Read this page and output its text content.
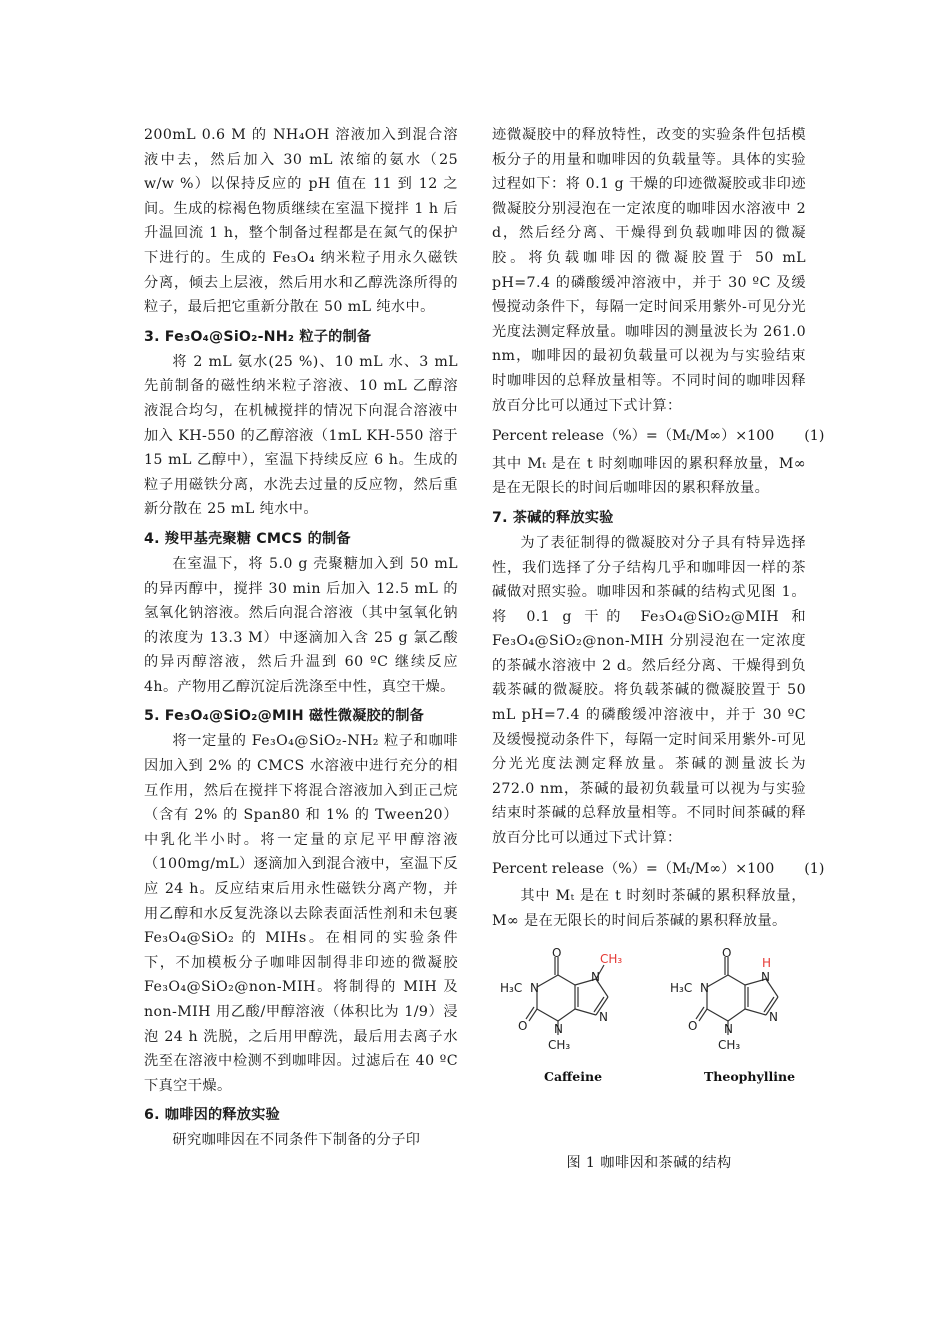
200mL 0.6 M 的 NH₄OH 溶液加入到混合溶液中去，然后加入 30 mL 浓缩的氨水（25 w/w %）以保持反应的 pH 值在 11 到 12 之间。生成的棕褐色物质继续在室温下搅拌 1 h 后升温回流 1 h，整个制备过程都是在氮气的保护下进行的。生成的 Fe₃O₄ 纳米粒子用永久磁铁分离，倾去上层液，然后用水和乙醇洗涤所得的粒子，最后把它重新分散在 50 mL 纯水中。

3. Fe₃O₄@SiO₂-NH₂ 粒子的制备

将 2 mL 氨水(25 %)、10 mL 水、3 mL 先前制备的磁性纳米粒子溶液、10 mL 乙醇溶液混合均匀，在机械搅拌的情况下向混合溶液中加入 KH-550 的乙醇溶液（1mL KH-550 溶于 15 mL 乙醇中），室温下持续反应 6 h。生成的粒子用磁铁分离，水洗去过量的反应物，然后重新分散在 25 mL 纯水中。

4. 羧甲基壳聚糖 CMCS 的制备

在室温下，将 5.0 g 壳聚糖加入到 50 mL 的异丙醇中，搅拌 30 min 后加入 12.5 mL 的氢氧化钠溶液。然后向混合溶液（其中氢氧化钠的浓度为 13.3 M）中逐滴加入含 25 g 氯乙酸的异丙醇溶液，然后升温到 60 ºC 继续反应 4h。产物用乙醇沉淀后洗涤至中性，真空干燥。

5. Fe₃O₄@SiO₂@MIH 磁性微凝胶的制备

将一定量的 Fe₃O₄@SiO₂-NH₂ 粒子和咖啡因加入到 2% 的 CMCS 水溶液中进行充分的相互作用，然后在搅拌下将混合溶液加入到正己烷（含有 2% 的 Span80 和 1% 的 Tween20）中乳化半小时。将一定量的京尼平甲醇溶液（100mg/mL）逐滴加入到混合液中，室温下反应 24 h。反应结束后用永性磁铁分离产物，并用乙醇和水反复洗涤以去除表面活性剂和未包裹 Fe₃O₄@SiO₂ 的 MIHs。在相同的实验条件下，不加模板分子咖啡因制得非印迹的微凝胶 Fe₃O₄@SiO₂@non-MIH。将制得的 MIH 及 non-MIH 用乙酸/甲醇溶液（体积比为 1/9）浸泡 24 h 洗脱，之后用甲醇洗，最后用去离子水洗至在溶液中检测不到咖啡因。过滤后在 40 ºC 下真空干燥。

6. 咖啡因的释放实验

研究咖啡因在不同条件下制备的分子印

迹微凝胶中的释放特性，改变的实验条件包括模板分子的用量和咖啡因的负载量等。具体的实验过程如下：将 0.1 g 干燥的印迹微凝胶或非印迹微凝胶分别浸泡在一定浓度的咖啡因水溶液中 2 d，然后经分离、干燥得到负载咖啡因的微凝胶。将负载咖啡因的微凝胶置于 50 mL pH=7.4 的磷酸缓冲溶液中，并于 30 ºC 及缓慢搅动条件下，每隔一定时间采用紫外-可见分光光度法测定释放量。咖啡因的测量波长为 261.0 nm，咖啡因的最初负载量可以视为与实验结束时咖啡因的总释放量相等。不同时间的咖啡因释放百分比可以通过下式计算：

Percent release（%）=（Mₜ/M∞）×100 (1)

其中 Mₜ 是在 t 时刻咖啡因的累积释放量，M∞ 是在无限长的时间后咖啡因的累积释放量。

7. 茶碱的释放实验

为了表征制得的微凝胶对分子具有特异选择性，我们选择了分子结构几乎和咖啡因一样的茶碱做对照实验。咖啡因和茶碱的结构式见图 1。将 0.1 g 干的 Fe₃O₄@SiO₂@MIH 和 Fe₃O₄@SiO₂@non-MIH 分别浸泡在一定浓度的茶碱水溶液中 2 d。然后经分离、干燥得到负载茶碱的微凝胶。将负载茶碱的微凝胶置于 50 mL pH=7.4 的磷酸缓冲溶液中，并于 30 ºC 及缓慢搅动条件下，每隔一定时间采用紫外-可见分光光度法测定释放量。茶碱的测量波长为 272.0 nm，茶碱的最初负载量可以视为与实验结束时茶碱的总释放量相等。不同时间茶碱的释放百分比可以通过下式计算：

Percent release（%）=（Mₜ/M∞）×100 (1)

其中 Mₜ 是在 t 时刻时茶碱的累积释放量，M∞ 是在无限长的时间后茶碱的累积释放量。

O
H₃C N
O N
CH₃
N
CH₃
N
Caffeine
O
H₃C N
O N
CH₃
H
N
N
Theophylline

图 1 咖啡因和茶碱的结构
